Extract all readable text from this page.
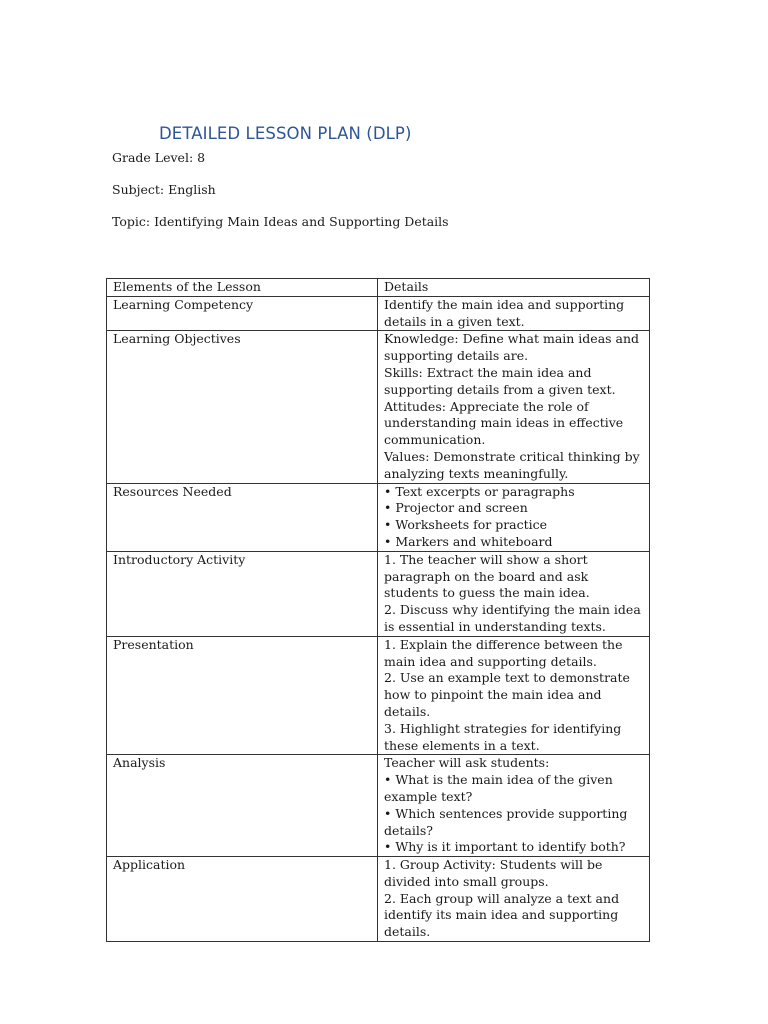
DETAILED LESSON PLAN (DLP)

Grade Level: 8

Subject: English

Topic: Identifying Main Ideas and Supporting Details

Elements of the Lesson	Details
Learning Competency	Identify the main idea and supporting details in a given text.

Learning Objectives	Knowledge: Define what main ideas and supporting details are.
Skills: Extract the main idea and supporting details from a given text.
Attitudes: Appreciate the role of understanding main ideas in effective communication.
Values: Demonstrate critical thinking by analyzing texts meaningfully.

Resources Needed	• Text excerpts or paragraphs
• Projector and screen
• Worksheets for practice
• Markers and whiteboard

Introductory Activity	1. The teacher will show a short paragraph on the board and ask students to guess the main idea.
2. Discuss why identifying the main idea is essential in understanding texts.

Presentation	1. Explain the difference between the main idea and supporting details.
2. Use an example text to demonstrate how to pinpoint the main idea and details.
3. Highlight strategies for identifying these elements in a text.

Analysis	Teacher will ask students:
• What is the main idea of the given example text?
• Which sentences provide supporting details?
• Why is it important to identify both?

Application	1. Group Activity: Students will be divided into small groups.
2. Each group will analyze a text and identify its main idea and supporting details.
